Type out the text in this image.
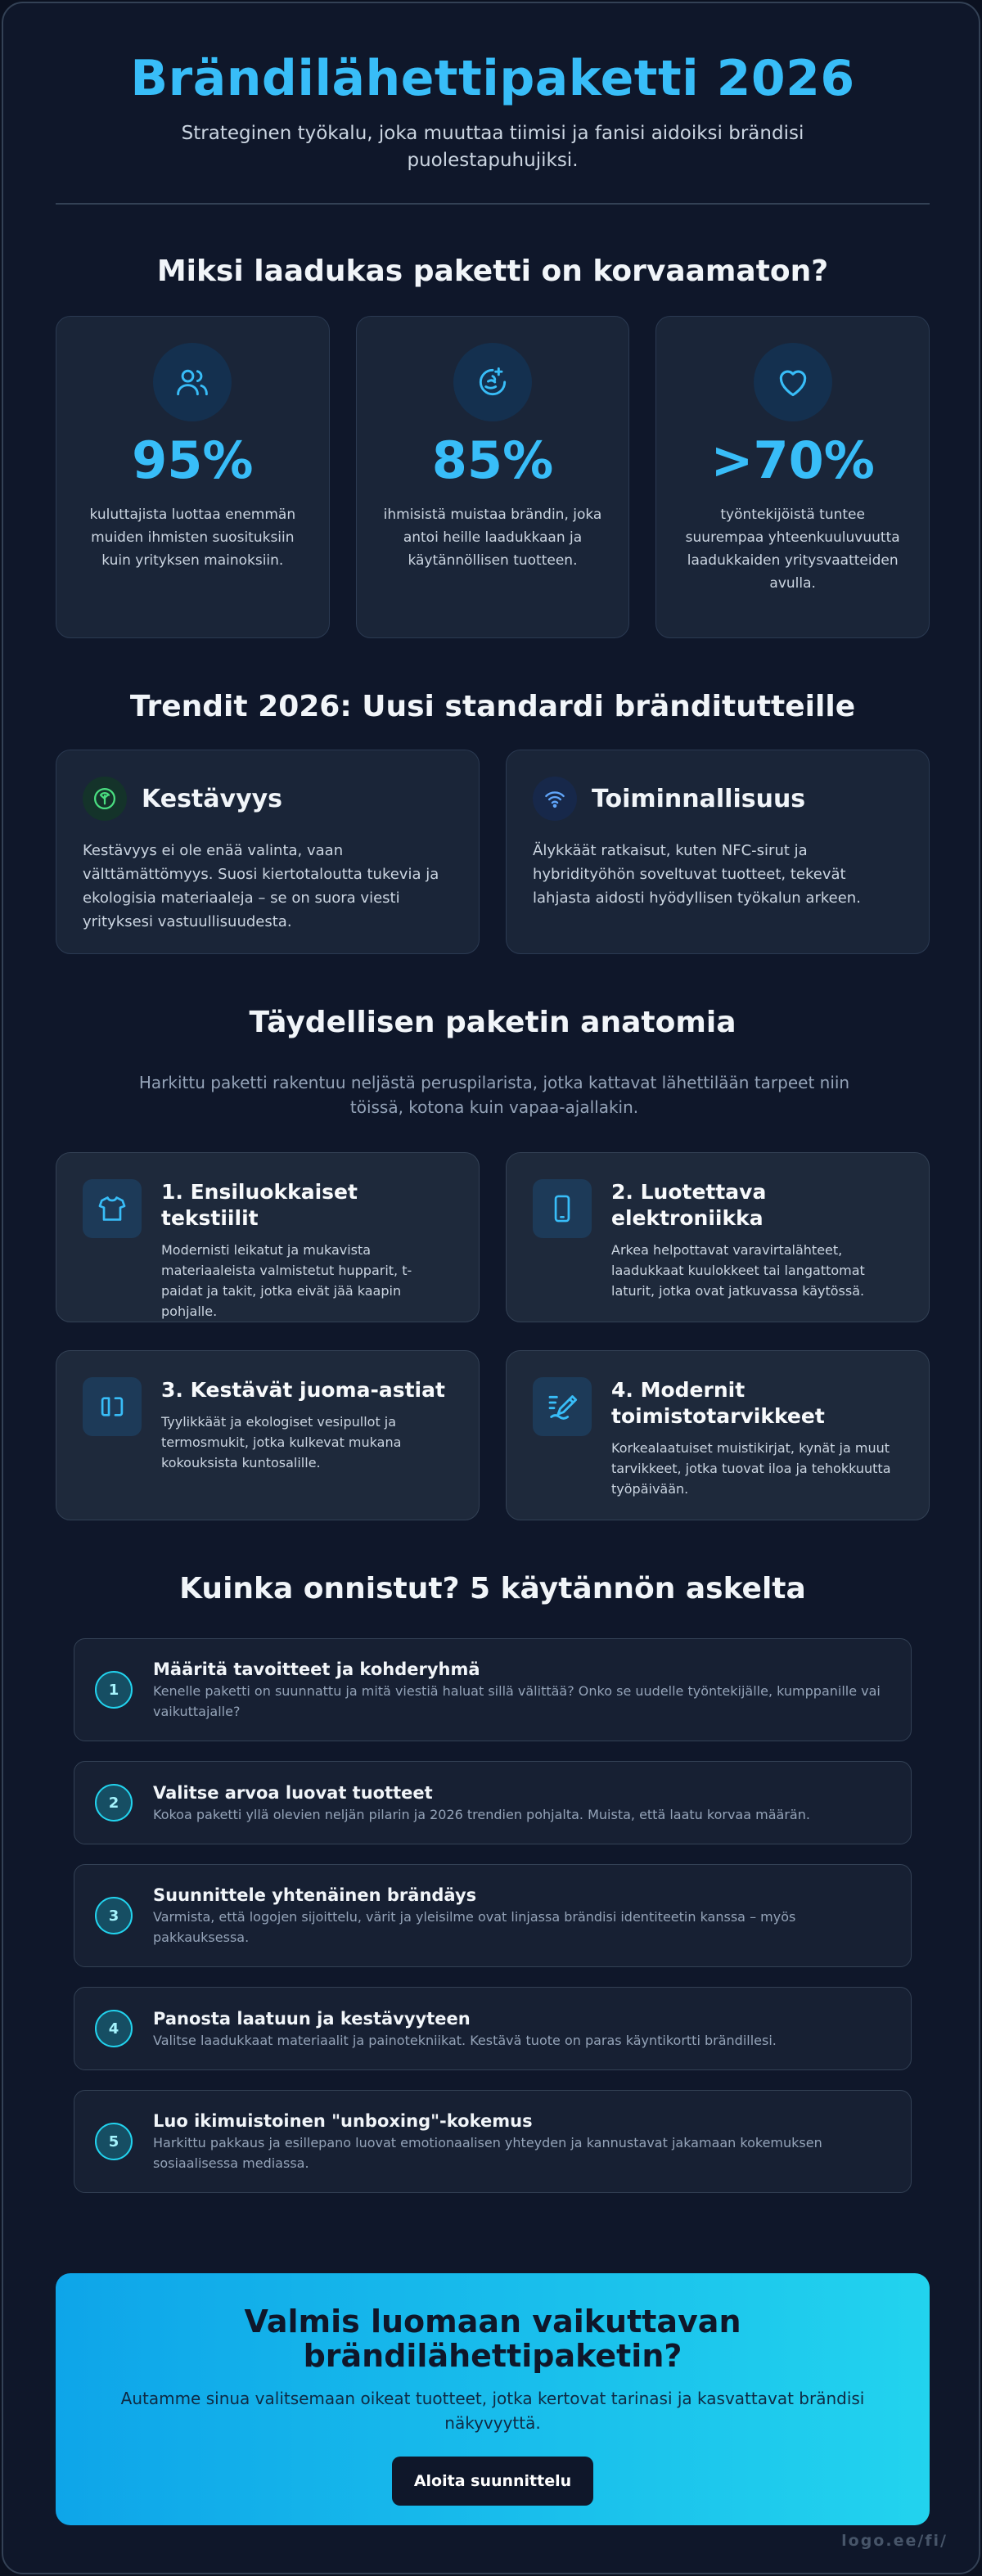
Brändilähettipaketti 2026

Strateginen työkalu, joka muuttaa tiimisi ja fanisi aidoiksi brändisi puolestapuhujiksi.

Miksi laadukas paketti on korvaamaton?
95%

kuluttajista luottaa enemmän muiden ihmisten suosituksiin kuin yrityksen mainoksiin.

85%

ihmisistä muistaa brändin, joka antoi heille laadukkaan ja käytännöllisen tuotteen.

>70%

työntekijöistä tuntee suurempaa yhteenkuuluvuutta laadukkaiden yritysvaatteiden avulla.

Trendit 2026: Uusi standardi bränditutteille
Kestävyys

Kestävyys ei ole enää valinta, vaan välttämättömyys. Suosi kiertotaloutta tukevia ja ekologisia materiaaleja – se on suora viesti yrityksesi vastuullisuudesta.

Toiminnallisuus

Älykkäät ratkaisut, kuten NFC-sirut ja hybridityöhön soveltuvat tuotteet, tekevät lahjasta aidosti hyödyllisen työkalun arkeen.

Täydellisen paketin anatomia

Harkittu paketti rakentuu neljästä peruspilarista, jotka kattavat lähettilään tarpeet niin töissä, kotona kuin vapaa-ajallakin.

1. Ensiluokkaiset tekstiilit

Modernisti leikatut ja mukavista materiaaleista valmistetut hupparit, t-paidat ja takit, jotka eivät jää kaapin pohjalle.

2. Luotettava elektroniikka

Arkea helpottavat varavirtalähteet, laadukkaat kuulokkeet tai langattomat laturit, jotka ovat jatkuvassa käytössä.

3. Kestävät juoma-astiat

Tyylikkäät ja ekologiset vesipullot ja termosmukit, jotka kulkevat mukana kokouksista kuntosalille.

4. Modernit toimistotarvikkeet

Korkealaatuiset muistikirjat, kynät ja muut tarvikkeet, jotka tuovat iloa ja tehokkuutta työpäivään.

Kuinka onnistut? 5 käytännön askelta
1
Määritä tavoitteet ja kohderyhmä

Kenelle paketti on suunnattu ja mitä viestiä haluat sillä välittää? Onko se uudelle työntekijälle, kumppanille vai vaikuttajalle?

2
Valitse arvoa luovat tuotteet

Kokoa paketti yllä olevien neljän pilarin ja 2026 trendien pohjalta. Muista, että laatu korvaa määrän.

3
Suunnittele yhtenäinen brändäys

Varmista, että logojen sijoittelu, värit ja yleisilme ovat linjassa brändisi identiteetin kanssa – myös pakkauksessa.

4
Panosta laatuun ja kestävyyteen

Valitse laadukkaat materiaalit ja painotekniikat. Kestävä tuote on paras käyntikortti brändillesi.

5
Luo ikimuistoinen "unboxing"-kokemus

Harkittu pakkaus ja esillepano luovat emotionaalisen yhteyden ja kannustavat jakamaan kokemuksen sosiaalisessa mediassa.

Valmis luomaan vaikuttavan brändilähettipaketin?

Autamme sinua valitsemaan oikeat tuotteet, jotka kertovat tarinasi ja kasvattavat brändisi näkyvyyttä.

Aloita suunnittelu
logo.ee/fi/
